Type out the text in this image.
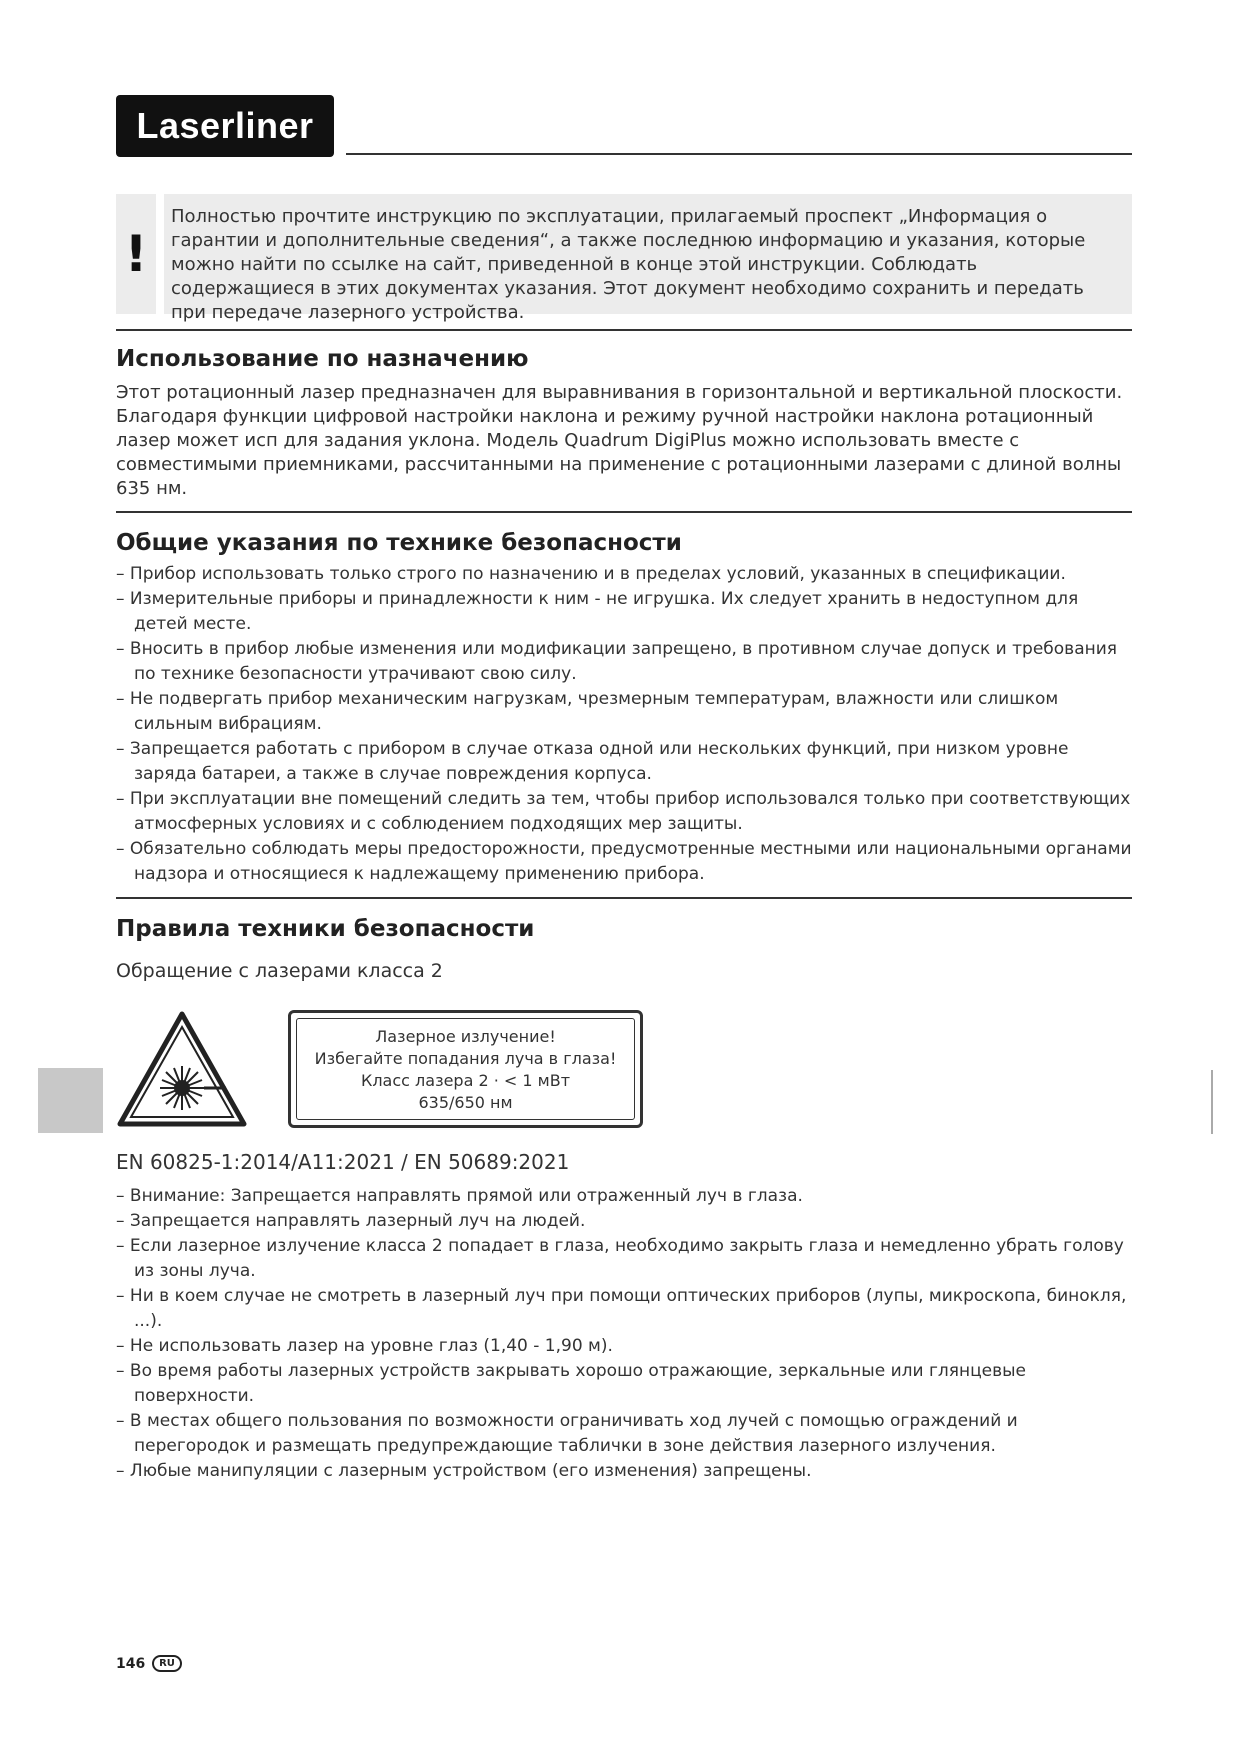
Laserliner
!
Полностью прочтите инструкцию по эксплуатации, прилагаемый проспект „Информация о гарантии и дополнительные сведения“, а также последнюю информацию и указания, которые можно найти по ссылке на сайт, приведенной в конце этой инструкции. Соблюдать содержащиеся в этих документах указания. Этот документ необходимо сохранить и передать при передаче лазерного устройства.
Использование по назначению

Этот ротационный лазер предназначен для выравнивания в горизонтальной и вертикальной плоскости. Благодаря функции цифровой настройки наклона и режиму ручной настройки наклона ротационный лазер может исп для задания уклона. Модель Quadrum DigiPlus можно использовать вместе с совместимыми приемниками, рассчитанными на применение с ротационными лазерами с длиной волны 635 нм.

Общие указания по технике безопасности
– Прибор использовать только строго по назначению и в пределах условий, указанных в спецификации.
– Измерительные приборы и принадлежности к ним - не игрушка. Их следует хранить в недоступном для детей месте.
– Вносить в прибор любые изменения или модификации запрещено, в противном случае допуск и требования по технике безопасности утрачивают свою силу.
– Не подвергать прибор механическим нагрузкам, чрезмерным температурам, влажности или слишком сильным вибрациям.
– Запрещается работать с прибором в случае отказа одной или нескольких функций, при низком уровне заряда батареи, а также в случае повреждения корпуса.
– При эксплуатации вне помещений следить за тем, чтобы прибор использовался только при соответствующих атмосферных условиях и с соблюдением подходящих мер защиты.
– Обязательно соблюдать меры предосторожности, предусмотренные местными или национальными органами надзора и относящиеся к надлежащему применению прибора.
Правила техники безопасности

Обращение с лазерами класса 2

Лазерное излучение!
Избегайте попадания луча в глаза!
Класс лазера 2 · < 1 мВт
635/650 нм

EN 60825-1:2014/A11:2021 / EN 50689:2021

– Внимание: Запрещается направлять прямой или отраженный луч в глаза.
– Запрещается направлять лазерный луч на людей.
– Если лазерное излучение класса 2 попадает в глаза, необходимо закрыть глаза и немедленно убрать голову из зоны луча.
– Ни в коем случае не смотреть в лазерный луч при помощи оптических приборов (лупы, микроскопа, бинокля, ...).
– Не использовать лазер на уровне глаз (1,40 - 1,90 м).
– Во время работы лазерных устройств закрывать хорошо отражающие, зеркальные или глянцевые поверхности.
– В местах общего пользования по возможности ограничивать ход лучей с помощью ограждений и перегородок и размещать предупреждающие таблички в зоне действия лазерного излучения.
– Любые манипуляции с лазерным устройством (его изменения) запрещены.
146	RU
